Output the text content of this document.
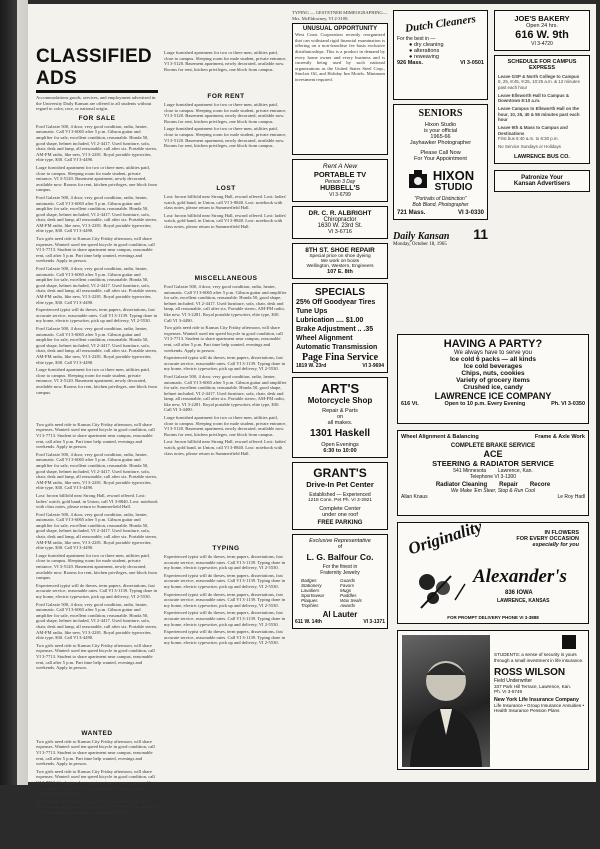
CLASSIFIED ADS
Accommodations goods, services, and employment advertised in the University Daily Kansan are offered to all students without regard to color, race, or national origin.
FOR SALE

Ford Galaxie 500, 4 door, very good condition, radio, heater, automatic. Call VI 3-6065 after 5 p.m. Gibson guitar and amplifier for sale, excellent condition, reasonable. Honda 50, good shape, helmet included, VI 2-4417. Used furniture, sofa, chair, desk and lamp, all reasonable, call after six. Portable stereo, AM-FM radio, like new, VI 3-2281. Royal portable typewriter, elite type, $30. Call VI 3-4490.

Large furnished apartment for two or three men, utilities paid, close to campus. Sleeping room for male student, private entrance, VI 3-5120. Basement apartment, newly decorated, available now. Rooms for rent, kitchen privileges, one block from campus.

Ford Galaxie 500, 4 door, very good condition, radio, heater, automatic. Call VI 3-6065 after 5 p.m. Gibson guitar and amplifier for sale, excellent condition, reasonable. Honda 50, good shape, helmet included, VI 2-4417. Used furniture, sofa, chair, desk and lamp, all reasonable, call after six. Portable stereo, AM-FM radio, like new, VI 3-2281. Royal portable typewriter, elite type, $30. Call VI 3-4490.

Two girls need ride to Kansas City Friday afternoon, will share expenses. Wanted: used ten speed bicycle in good condition, call VI 3-7713. Student to share apartment near campus, reasonable rent, call after 5 p.m. Part time help wanted, evenings and weekends. Apply in person.

Ford Galaxie 500, 4 door, very good condition, radio, heater, automatic. Call VI 3-6065 after 5 p.m. Gibson guitar and amplifier for sale, excellent condition, reasonable. Honda 50, good shape, helmet included, VI 2-4417. Used furniture, sofa, chair, desk and lamp, all reasonable, call after six. Portable stereo, AM-FM radio, like new, VI 3-2281. Royal portable typewriter, elite type, $30. Call VI 3-4490.

Experienced typist will do theses, term papers, dissertations, fast accurate service, reasonable rates. Call VI 3-1139. Typing done in my home, electric typewriter, pick up and delivery, VI 2-5530.

Ford Galaxie 500, 4 door, very good condition, radio, heater, automatic. Call VI 3-6065 after 5 p.m. Gibson guitar and amplifier for sale, excellent condition, reasonable. Honda 50, good shape, helmet included, VI 2-4417. Used furniture, sofa, chair, desk and lamp, all reasonable, call after six. Portable stereo, AM-FM radio, like new, VI 3-2281. Royal portable typewriter, elite type, $30. Call VI 3-4490.

Large furnished apartment for two or three men, utilities paid, close to campus. Sleeping room for male student, private entrance, VI 3-5120. Basement apartment, newly decorated, available now. Rooms for rent, kitchen privileges, one block from campus.

Two girls need ride to Kansas City Friday afternoon, will share expenses. Wanted: used ten speed bicycle in good condition, call VI 3-7713. Student to share apartment near campus, reasonable rent, call after 5 p.m. Part time help wanted, evenings and weekends. Apply in person.

Ford Galaxie 500, 4 door, very good condition, radio, heater, automatic. Call VI 3-6065 after 5 p.m. Gibson guitar and amplifier for sale, excellent condition, reasonable. Honda 50, good shape, helmet included, VI 2-4417. Used furniture, sofa, chair, desk and lamp, all reasonable, call after six. Portable stereo, AM-FM radio, like new, VI 3-2281. Royal portable typewriter, elite type, $30. Call VI 3-4490.

Lost: brown billfold near Strong Hall, reward offered. Lost: ladies' watch, gold band, in Union, call VI 3-8840. Lost: notebook with class notes, please return to Summerfield Hall.

Ford Galaxie 500, 4 door, very good condition, radio, heater, automatic. Call VI 3-6065 after 5 p.m. Gibson guitar and amplifier for sale, excellent condition, reasonable. Honda 50, good shape, helmet included, VI 2-4417. Used furniture, sofa, chair, desk and lamp, all reasonable, call after six. Portable stereo, AM-FM radio, like new, VI 3-2281. Royal portable typewriter, elite type, $30. Call VI 3-4490.

Large furnished apartment for two or three men, utilities paid, close to campus. Sleeping room for male student, private entrance, VI 3-5120. Basement apartment, newly decorated, available now. Rooms for rent, kitchen privileges, one block from campus.

Experienced typist will do theses, term papers, dissertations, fast accurate service, reasonable rates. Call VI 3-1139. Typing done in my home, electric typewriter, pick up and delivery, VI 2-5530.

Ford Galaxie 500, 4 door, very good condition, radio, heater, automatic. Call VI 3-6065 after 5 p.m. Gibson guitar and amplifier for sale, excellent condition, reasonable. Honda 50, good shape, helmet included, VI 2-4417. Used furniture, sofa, chair, desk and lamp, all reasonable, call after six. Portable stereo, AM-FM radio, like new, VI 3-2281. Royal portable typewriter, elite type, $30. Call VI 3-4490.

Two girls need ride to Kansas City Friday afternoon, will share expenses. Wanted: used ten speed bicycle in good condition, call VI 3-7713. Student to share apartment near campus, reasonable rent, call after 5 p.m. Part time help wanted, evenings and weekends. Apply in person.

WANTED

Two girls need ride to Kansas City Friday afternoon, will share expenses. Wanted: used ten speed bicycle in good condition, call VI 3-7713. Student to share apartment near campus, reasonable rent, call after 5 p.m. Part time help wanted, evenings and weekends. Apply in person.

Two girls need ride to Kansas City Friday afternoon, will share expenses. Wanted: used ten speed bicycle in good condition, call VI 3-7713. Student to share apartment near campus, reasonable rent, call after 5 p.m. Part time help wanted, evenings and weekends. Apply in person.

Lost: brown billfold near Strong Hall, reward offered. Lost: ladies' watch, gold band, in Union, call VI 3-8840. Lost: notebook with class notes, please return to Summerfield Hall.

Large furnished apartment for two or three men, utilities paid, close to campus. Sleeping room for male student, private entrance, VI 3-5120. Basement apartment, newly decorated, available now. Rooms for rent, kitchen privileges, one block from campus.

FOR RENT

Large furnished apartment for two or three men, utilities paid, close to campus. Sleeping room for male student, private entrance, VI 3-5120. Basement apartment, newly decorated, available now. Rooms for rent, kitchen privileges, one block from campus.

Large furnished apartment for two or three men, utilities paid, close to campus. Sleeping room for male student, private entrance, VI 3-5120. Basement apartment, newly decorated, available now. Rooms for rent, kitchen privileges, one block from campus.

LOST

Lost: brown billfold near Strong Hall, reward offered. Lost: ladies' watch, gold band, in Union, call VI 3-8840. Lost: notebook with class notes, please return to Summerfield Hall.

Lost: brown billfold near Strong Hall, reward offered. Lost: ladies' watch, gold band, in Union, call VI 3-8840. Lost: notebook with class notes, please return to Summerfield Hall.

MISCELLANEOUS

Ford Galaxie 500, 4 door, very good condition, radio, heater, automatic. Call VI 3-6065 after 5 p.m. Gibson guitar and amplifier for sale, excellent condition, reasonable. Honda 50, good shape, helmet included, VI 2-4417. Used furniture, sofa, chair, desk and lamp, all reasonable, call after six. Portable stereo, AM-FM radio, like new, VI 3-2281. Royal portable typewriter, elite type, $30. Call VI 3-4490.

Two girls need ride to Kansas City Friday afternoon, will share expenses. Wanted: used ten speed bicycle in good condition, call VI 3-7713. Student to share apartment near campus, reasonable rent, call after 5 p.m. Part time help wanted, evenings and weekends. Apply in person.

Experienced typist will do theses, term papers, dissertations, fast accurate service, reasonable rates. Call VI 3-1139. Typing done in my home, electric typewriter, pick up and delivery, VI 2-5530.

Ford Galaxie 500, 4 door, very good condition, radio, heater, automatic. Call VI 3-6065 after 5 p.m. Gibson guitar and amplifier for sale, excellent condition, reasonable. Honda 50, good shape, helmet included, VI 2-4417. Used furniture, sofa, chair, desk and lamp, all reasonable, call after six. Portable stereo, AM-FM radio, like new, VI 3-2281. Royal portable typewriter, elite type, $30. Call VI 3-4490.

Large furnished apartment for two or three men, utilities paid, close to campus. Sleeping room for male student, private entrance, VI 3-5120. Basement apartment, newly decorated, available now. Rooms for rent, kitchen privileges, one block from campus.

Lost: brown billfold near Strong Hall, reward offered. Lost: ladies' watch, gold band, in Union, call VI 3-8840. Lost: notebook with class notes, please return to Summerfield Hall.

TYPING

Experienced typist will do theses, term papers, dissertations, fast accurate service, reasonable rates. Call VI 3-1139. Typing done in my home, electric typewriter, pick up and delivery, VI 2-5530.

Experienced typist will do theses, term papers, dissertations, fast accurate service, reasonable rates. Call VI 3-1139. Typing done in my home, electric typewriter, pick up and delivery, VI 2-5530.

Experienced typist will do theses, term papers, dissertations, fast accurate service, reasonable rates. Call VI 3-1139. Typing done in my home, electric typewriter, pick up and delivery, VI 2-5530.

Experienced typist will do theses, term papers, dissertations, fast accurate service, reasonable rates. Call VI 3-1139. Typing done in my home, electric typewriter, pick up and delivery, VI 2-5530.

Experienced typist will do theses, term papers, dissertations, fast accurate service, reasonable rates. Call VI 3-1139. Typing done in my home, electric typewriter, pick up and delivery, VI 2-5530.

TYPING — GESTETNER MIMEOGRAPHING—Mrs. McEldowney, VI 2-3108.
UNUSUAL OPPORTUNITY
West Coast Corporation recently reorganized that can withstand rigid financial examination is offering on a non-franchise fee basis exclusive distributorships. This is a product in demand by every home owner and every business and is currently being used by such national organizations as the United States Steel Corp., Sinclair Oil, and Holiday Inn Motels. Minimum investment required.
Rent A New
PORTABLE TV
Person 3 Day
HUBBELL'S
VI 3-6799
DR. C. R. ALBRIGHT
Chiropractor
1630 W. 23rd St.
VI 3-6716
8TH ST. SHOE REPAIR
Special price on shoe dyeing
We work on boots
Wellington, Western, Engineers
107 E. 8th
SPECIALS
25% Off Goodyear Tires
Tune Ups
Lubrication .... $1.00
Brake Adjustment .. .35
Wheel Alignment
Automatic Transmission
Page Fina Service
1819 W. 23rd	VI 3-9694
ART'S
Motorcycle Shop
Repair & Parts
on
all makes.
1301 Haskell
Open Evenings
6:30 to 10:00
GRANT'S
Drive-In Pet Center
Established — Experienced
1218 Conn. Pet Ph. VI 3-2921
Complete Center
under one roof
FREE PARKING
Exclusive Representative
of
L. G. Balfour Co.
For the finest in
Fraternity Jewelry
Badges	Guards
Stationery	Favors
Lavaliers	Mugs
Sportswear	Paddles
Plaques	Wax Seals
Trophies	Awards
Al Lauter
611 W. 14th	VI 3-1371
Dutch Cleaners
For the best in —
● dry cleaning
● alterations
● reweaving
926 Mass.	VI 3-0501
SENIORS
Hixon Studio
is your official
1965-66
Jayhawker Photographer
Please Call Now
For Your Appointment
HIXON
STUDIO
"Portraits of Distinction"
Bob Bland, Photographer
721 Mass.	VI 3-0330
Daily Kansan 11
Monday, October 18, 1965
JOE'S BAKERY
Open 24 hrs.
616 W. 9th
VI 3-4720
SCHEDULE FOR CAMPUS EXPRESS
Leave GSP & North College to Campus
8, 25, 8:45, 9:25, 10:25 a.m. & 12 minutes past each hour
Leave Ellsworth Hall to Campus & Downtown 8:10 a.m.
Leave Campus to Ellsworth Hall on the hour, 10, 25, 40 & 55 minutes past each hour
Leave 9th & Mass to Campus and Destinations
First bus 6:40 a.m. to 6:30 p.m.
No Service Sundays or Holidays
LAWRENCE BUS CO.
Patronize Your
Kansan Advertisers
HAVING A PARTY?
We always have to serve you
Ice cold 6 packs — all kinds
Ice cold beverages
Chips, nuts, cookies
Variety of grocery items
Crushed ice, candy
LAWRENCE ICE COMPANY
616 Vt.	Open to 10 p.m. Every Evening	Ph. VI 3-0350
Wheel Alignment & Balancing	Frame & Axle Work
COMPLETE BRAKE SERVICE
ACE
STEERING & RADIATOR SERVICE
541 Minnesota Lawrence, Kan.
Telephone VI 3-1300
Radiator Cleaning Repair Recore
We Make 'Em Steer, Stop & Run Cool
Allan Knaus	Le Roy Hadl
Originality	IN FLOWERS
FOR EVERY OCCASION
especially for you
Alexander's
836 IOWA
LAWRENCE, KANSAS
FOR PROMPT DELIVERY PHONE VI 3-3888
STUDENTS: a sense of security is yours through a small investment in life insurance.
ROSS WILSON
Field Underwriter
337 Park Hill Terrace, Lawrence, Kan.
Ph. VI 3-5749
New York Life Insurance Company
Life Insurance • Group Insurance Annuities • Health Insurance Pension Plans
